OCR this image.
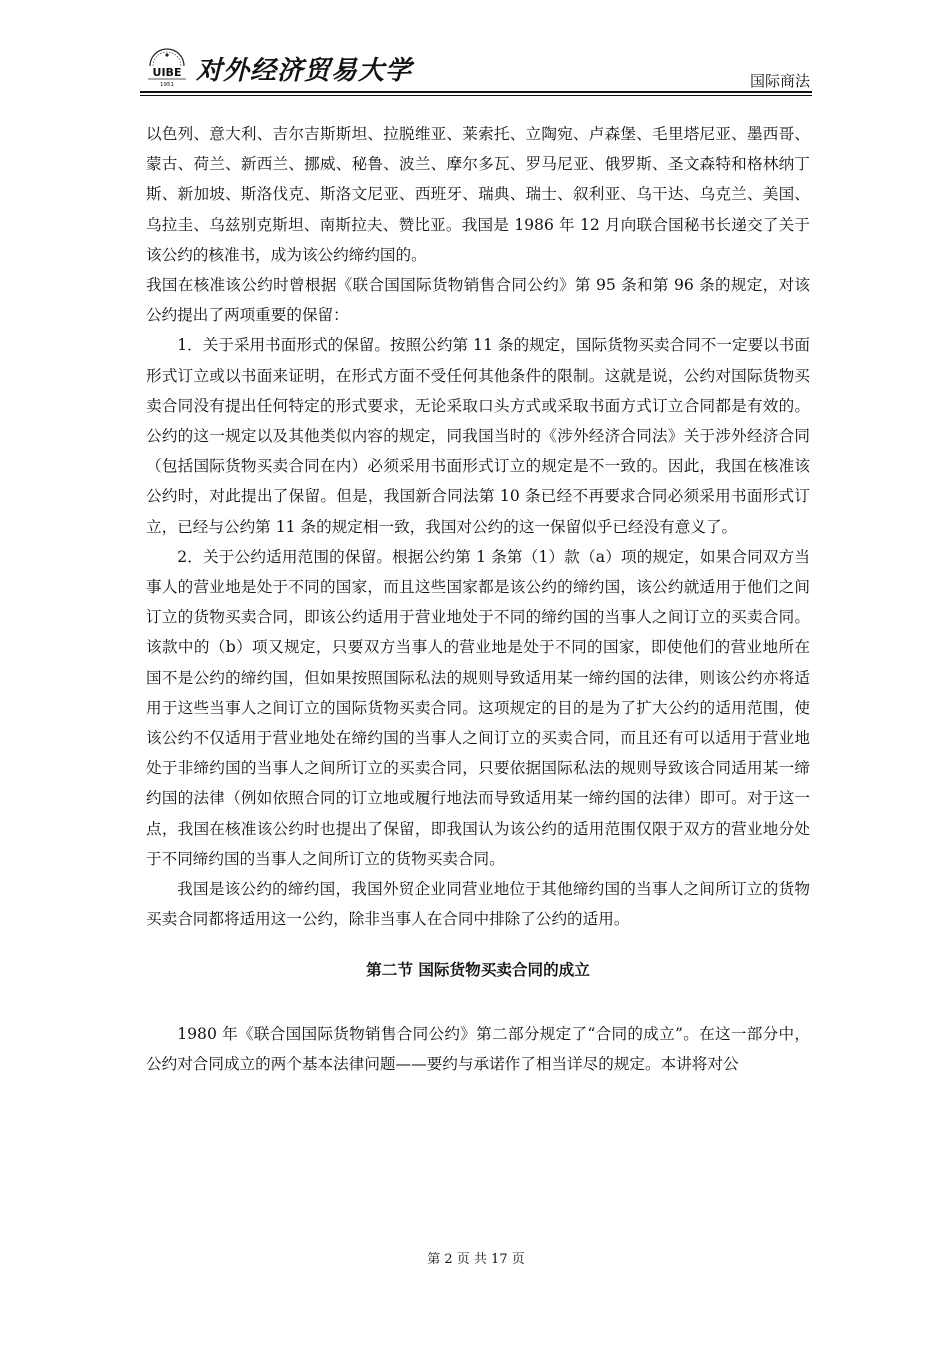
UIBE
1951 对外经济贸易大学	国际商法

以色列、意大利、吉尔吉斯斯坦、拉脱维亚、莱索托、立陶宛、卢森堡、毛里塔尼亚、墨西哥、蒙古、荷兰、新西兰、挪威、秘鲁、波兰、摩尔多瓦、罗马尼亚、俄罗斯、圣文森特和格林纳丁斯、新加坡、斯洛伐克、斯洛文尼亚、西班牙、瑞典、瑞士、叙利亚、乌干达、乌克兰、美国、乌拉圭、乌兹别克斯坦、南斯拉夫、赞比亚。我国是 1986 年 12 月向联合国秘书长递交了关于该公约的核准书，成为该公约缔约国的。

我国在核准该公约时曾根据《联合国国际货物销售合同公约》第 95 条和第 96 条的规定，对该公约提出了两项重要的保留：

1．关于采用书面形式的保留。按照公约第 11 条的规定，国际货物买卖合同不一定要以书面形式订立或以书面来证明，在形式方面不受任何其他条件的限制。这就是说，公约对国际货物买卖合同没有提出任何特定的形式要求，无论采取口头方式或采取书面方式订立合同都是有效的。公约的这一规定以及其他类似内容的规定，同我国当时的《涉外经济合同法》关于涉外经济合同（包括国际货物买卖合同在内）必须采用书面形式订立的规定是不一致的。因此，我国在核准该公约时，对此提出了保留。但是，我国新合同法第 10 条已经不再要求合同必须采用书面形式订立，已经与公约第 11 条的规定相一致，我国对公约的这一保留似乎已经没有意义了。

2．关于公约适用范围的保留。根据公约第 1 条第（1）款（a）项的规定，如果合同双方当事人的营业地是处于不同的国家，而且这些国家都是该公约的缔约国，该公约就适用于他们之间订立的货物买卖合同，即该公约适用于营业地处于不同的缔约国的当事人之间订立的买卖合同。该款中的（b）项又规定，只要双方当事人的营业地是处于不同的国家，即使他们的营业地所在国不是公约的缔约国，但如果按照国际私法的规则导致适用某一缔约国的法律，则该公约亦将适用于这些当事人之间订立的国际货物买卖合同。这项规定的目的是为了扩大公约的适用范围，使该公约不仅适用于营业地处在缔约国的当事人之间订立的买卖合同，而且还有可以适用于营业地处于非缔约国的当事人之间所订立的买卖合同，只要依据国际私法的规则导致该合同适用某一缔约国的法律（例如依照合同的订立地或履行地法而导致适用某一缔约国的法律）即可。对于这一点，我国在核准该公约时也提出了保留，即我国认为该公约的适用范围仅限于双方的营业地分处于不同缔约国的当事人之间所订立的货物买卖合同。

我国是该公约的缔约国，我国外贸企业同营业地位于其他缔约国的当事人之间所订立的货物买卖合同都将适用这一公约，除非当事人在合同中排除了公约的适用。

第二节 国际货物买卖合同的成立

1980 年《联合国国际货物销售合同公约》第二部分规定了“合同的成立”。在这一部分中，公约对合同成立的两个基本法律问题——要约与承诺作了相当详尽的规定。本讲将对公

第 2 页 共 17 页
